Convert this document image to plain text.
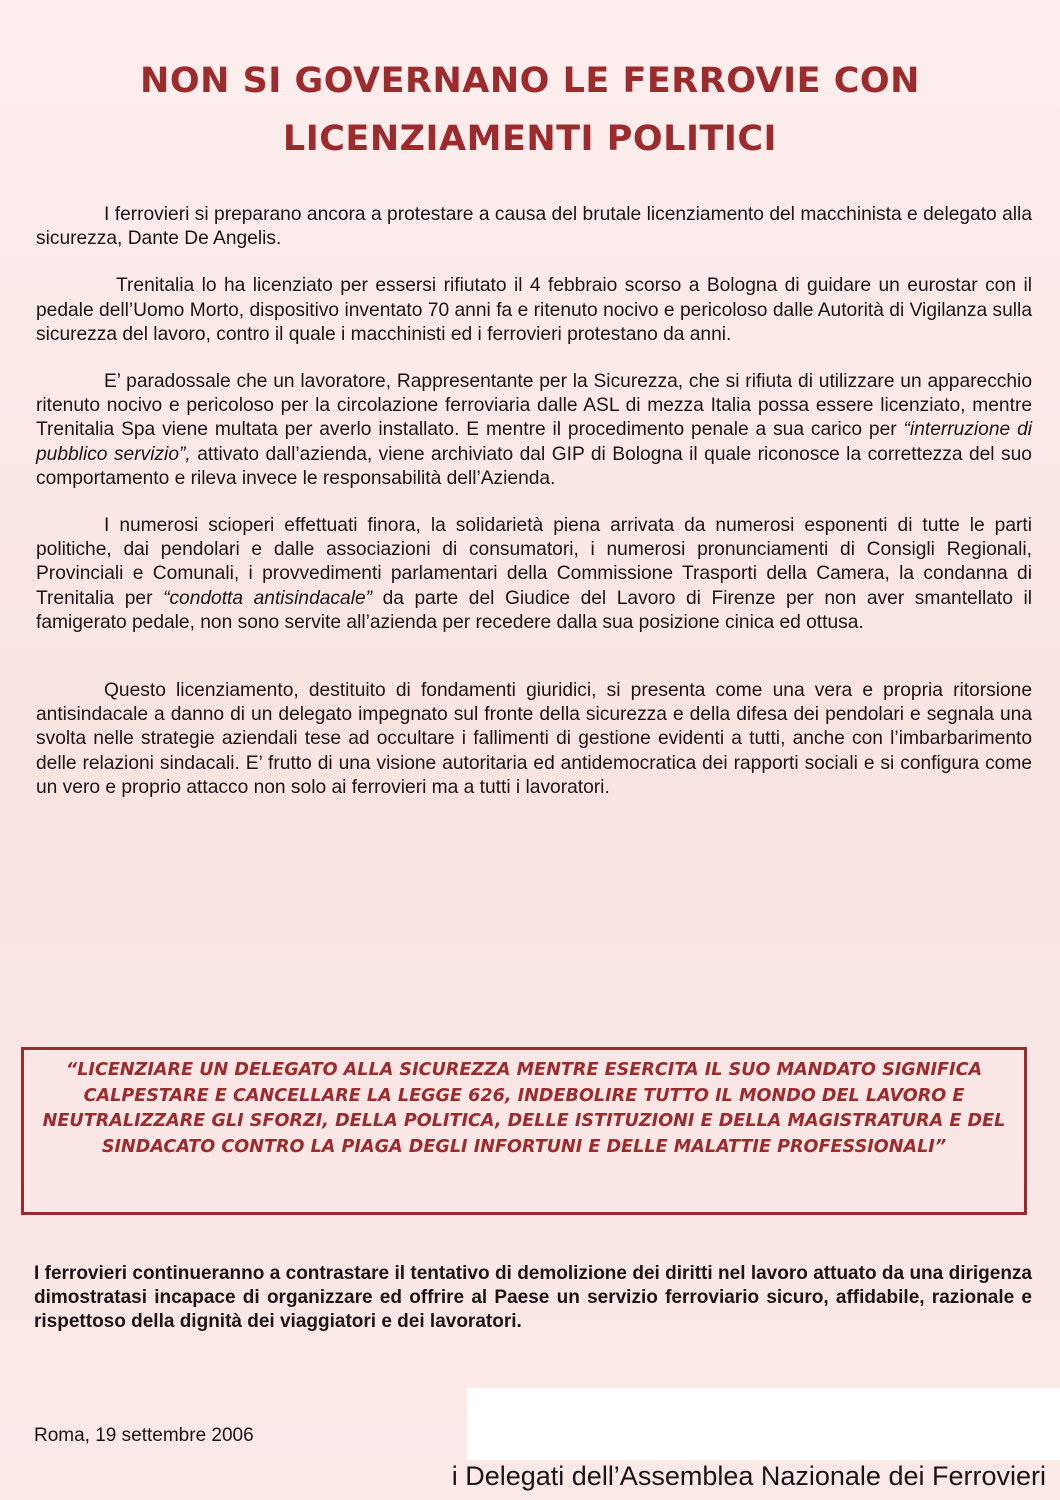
NON SI GOVERNANO LE FERROVIE CON
LICENZIAMENTI POLITICI

I ferrovieri si preparano ancora a protestare a causa del brutale licenziamento del macchinista e delegato alla sicurezza, Dante De Angelis.

Trenitalia lo ha licenziato per essersi rifiutato il 4 febbraio scorso a Bologna di guidare un eurostar con il pedale dell’Uomo Morto, dispositivo inventato 70 anni fa e ritenuto nocivo e pericoloso dalle Autorità di Vigilanza sulla sicurezza del lavoro, contro il quale i macchinisti ed i ferrovieri protestano da anni.

E’ paradossale che un lavoratore, Rappresentante per la Sicurezza, che si rifiuta di utilizzare un apparecchio ritenuto nocivo e pericoloso per la circolazione ferroviaria dalle ASL di mezza Italia possa essere licenziato, mentre Trenitalia Spa viene multata per averlo installato. E mentre il procedimento penale a sua carico per “interruzione di pubblico servizio”, attivato dall’azienda, viene archiviato dal GIP di Bologna il quale riconosce la correttezza del suo comportamento e rileva invece le responsabilità dell’Azienda.

I numerosi scioperi effettuati finora, la solidarietà piena arrivata da numerosi esponenti di tutte le parti politiche, dai pendolari e dalle associazioni di consumatori, i numerosi pronunciamenti di Consigli Regionali, Provinciali e Comunali, i provvedimenti parlamentari della Commissione Trasporti della Camera, la condanna di Trenitalia per “condotta antisindacale” da parte del Giudice del Lavoro di Firenze per non aver smantellato il famigerato pedale, non sono servite all’azienda per recedere dalla sua posizione cinica ed ottusa.

Questo licenziamento, destituito di fondamenti giuridici, si presenta come una vera e propria ritorsione antisindacale a danno di un delegato impegnato sul fronte della sicurezza e della difesa dei pendolari e segnala una svolta nelle strategie aziendali tese ad occultare i fallimenti di gestione evidenti a tutti, anche con l’imbarbarimento delle relazioni sindacali. E’ frutto di una visione autoritaria ed antidemocratica dei rapporti sociali e si configura come un vero e proprio attacco non solo ai ferrovieri ma a tutti i lavoratori.

“LICENZIARE UN DELEGATO ALLA SICUREZZA MENTRE ESERCITA IL SUO MANDATO SIGNIFICA CALPESTARE E CANCELLARE LA LEGGE 626, INDEBOLIRE TUTTO IL MONDO DEL LAVORO E NEUTRALIZZARE GLI SFORZI, DELLA POLITICA, DELLE ISTITUZIONI E DELLA MAGISTRATURA E DEL SINDACATO CONTRO LA PIAGA DEGLI INFORTUNI E DELLE MALATTIE PROFESSIONALI”
I ferrovieri continueranno a contrastare il tentativo di demolizione dei diritti nel lavoro attuato da una dirigenza dimostratasi incapace di organizzare ed offrire al Paese un servizio ferroviario sicuro, affidabile, razionale e rispettoso della dignità dei viaggiatori e dei lavoratori.
Roma, 19 settembre 2006
i Delegati dell’Assemblea Nazionale dei Ferrovieri
